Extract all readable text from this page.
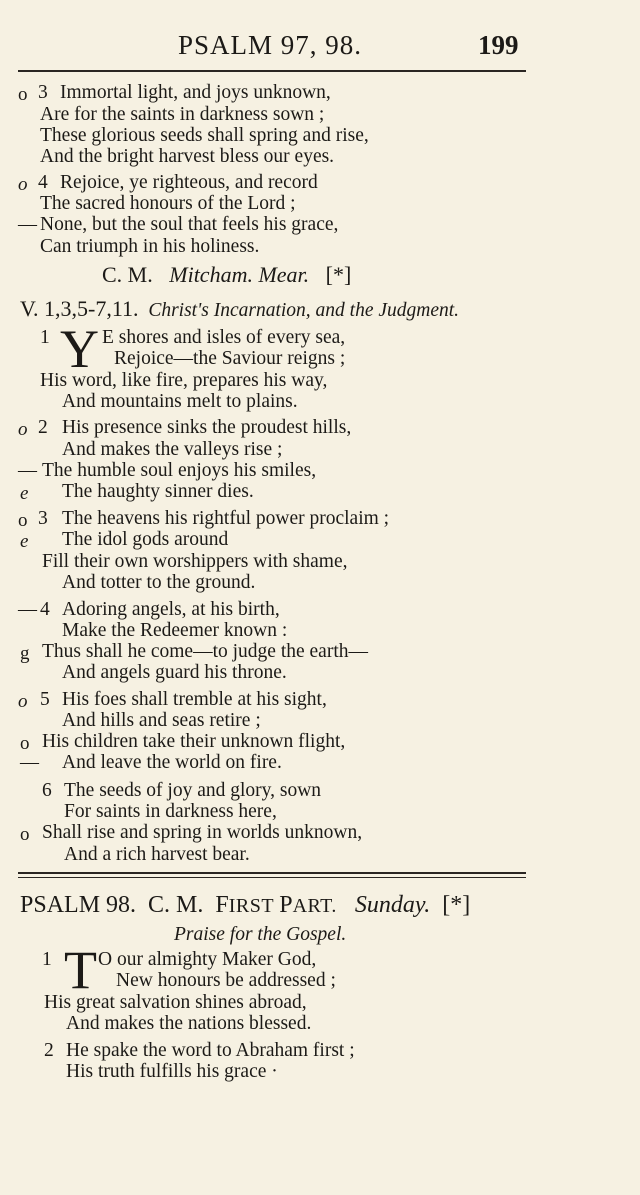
PSALM 97, 98.	199
o 3 Immortal light, and joys unknown,
Are for the saints in darkness sown ;
These glorious seeds shall spring and rise,
And the bright harvest bless our eyes.
o 4 Rejoice, ye righteous, and record
The sacred honours of the Lord ;
— None, but the soul that feels his grace,
Can triumph in his holiness.
C. M. Mitcham. Mear. [*]
V. 1,3,5-7,11. Christ's Incarnation, and the Judgment.
1 Y E shores and isles of every sea,
Rejoice—the Saviour reigns ;
His word, like fire, prepares his way,
And mountains melt to plains.
o 2 His presence sinks the proudest hills,
And makes the valleys rise ;
— The humble soul enjoys his smiles,
e The haughty sinner dies.
o 3 The heavens his rightful power proclaim ;
e The idol gods around
Fill their own worshippers with shame,
And totter to the ground.
— 4 Adoring angels, at his birth,
Make the Redeemer known :
g Thus shall he come—to judge the earth—
And angels guard his throne.
o 5 His foes shall tremble at his sight,
And hills and seas retire ;
o His children take their unknown flight,
— And leave the world on fire.
6 The seeds of joy and glory, sown
For saints in darkness here,
o Shall rise and spring in worlds unknown,
And a rich harvest bear.
PSALM 98. C. M. FIRST PART. Sunday. [*]
Praise for the Gospel.
1 T O our almighty Maker God,
New honours be addressed ;
His great salvation shines abroad,
And makes the nations blessed.
2 He spake the word to Abraham first ;
His truth fulfills his grace ·
